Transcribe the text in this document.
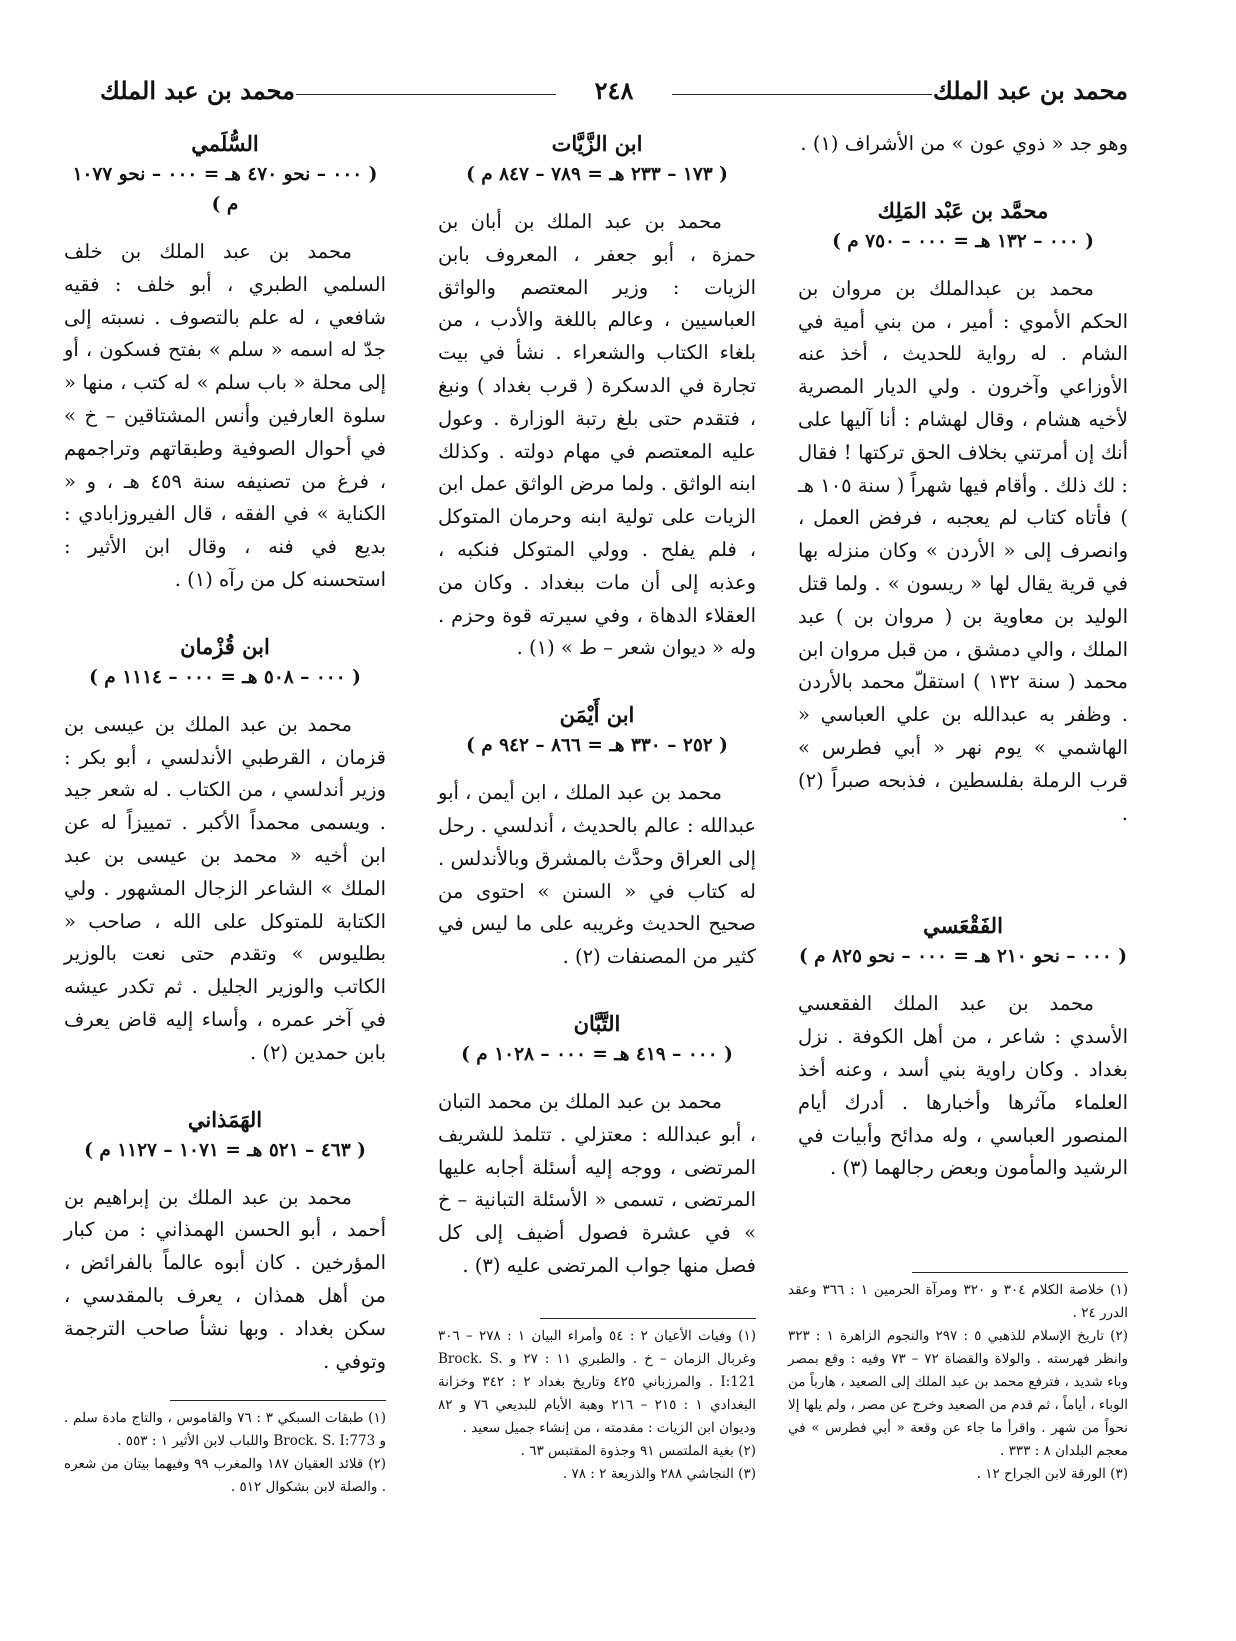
محمد بن عبد الملك
٢٤٨
محمد بن عبد الملك

وهو جد « ذوي عون » من الأشراف (١) .

محمَّد بن عَبْد المَلِك

( ٠٠٠ – ١٣٢ هـ = ٠٠٠ – ٧٥٠ م )

محمد بن عبدالملك بن مروان بن الحكم الأموي : أمير ، من بني أمية في الشام . له رواية للحديث ، أخذ عنه الأوزاعي وآخرون . ولي الديار المصرية لأخيه هشام ، وقال لهشام : أنا آليها على أنك إن أمرتني بخلاف الحق تركتها ! فقال : لك ذلك . وأقام فيها شهراً ( سنة ١٠٥ هـ ) فأتاه كتاب لم يعجبه ، فرفض العمل ، وانصرف إلى « الأردن » وكان منزله بها في قرية يقال لها « ريسون » . ولما قتل الوليد بن معاوية بن ( مروان بن ) عبد الملك ، والي دمشق ، من قبل مروان ابن محمد ( سنة ١٣٢ ) استقلّ محمد بالأردن . وظفر به عبدالله بن علي العباسي « الهاشمي » يوم نهر « أبي فطرس » قرب الرملة بفلسطين ، فذبحه صبراً (٢) .

الفَقْعَسي

( ٠٠٠ – نحو ٢١٠ هـ = ٠٠٠ – نحو ٨٢٥ م )

محمد بن عبد الملك الفقعسي الأسدي : شاعر ، من أهل الكوفة . نزل بغداد . وكان راوية بني أسد ، وعنه أخذ العلماء مآثرها وأخبارها . أدرك أيام المنصور العباسي ، وله مدائح وأبيات في الرشيد والمأمون وبعض رجالهما (٣) .

ابن الزَّيَّات

( ١٧٣ – ٢٣٣ هـ = ٧٨٩ – ٨٤٧ م )

محمد بن عبد الملك بن أبان بن حمزة ، أبو جعفر ، المعروف بابن الزيات : وزير المعتصم والواثق العباسيين ، وعالم باللغة والأدب ، من بلغاء الكتاب والشعراء . نشأ في بيت تجارة في الدسكرة ( قرب بغداد ) ونبغ ، فتقدم حتى بلغ رتبة الوزارة . وعول عليه المعتصم في مهام دولته . وكذلك ابنه الواثق . ولما مرض الواثق عمل ابن الزيات على تولية ابنه وحرمان المتوكل ، فلم يفلح . وولي المتوكل فنكبه ، وعذبه إلى أن مات ببغداد . وكان من العقلاء الدهاة ، وفي سيرته قوة وحزم . وله « ديوان شعر – ط » (١) .

ابن أَيْمَن

( ٢٥٢ – ٣٣٠ هـ = ٨٦٦ – ٩٤٢ م )

محمد بن عبد الملك ، ابن أيمن ، أبو عبدالله : عالم بالحديث ، أندلسي . رحل إلى العراق وحدَّث بالمشرق وبالأندلس . له كتاب في « السنن » احتوى من صحيح الحديث وغريبه على ما ليس في كثير من المصنفات (٢) .

التَّبَّان

( ٠٠٠ – ٤١٩ هـ = ٠٠٠ – ١٠٢٨ م )

محمد بن عبد الملك بن محمد التبان ، أبو عبدالله : معتزلي . تتلمذ للشريف المرتضى ، ووجه إليه أسئلة أجابه عليها المرتضى ، تسمى « الأسئلة التبانية – خ » في عشرة فصول أضيف إلى كل فصل منها جواب المرتضى عليه (٣) .

السُّلَمي

( ٠٠٠ – نحو ٤٧٠ هـ = ٠٠٠ – نحو ١٠٧٧ م )

محمد بن عبد الملك بن خلف السلمي الطبري ، أبو خلف : فقيه شافعي ، له علم بالتصوف . نسبته إلى جدّ له اسمه « سلم » بفتح فسكون ، أو إلى محلة « باب سلم » له كتب ، منها « سلوة العارفين وأنس المشتاقين – خ » في أحوال الصوفية وطبقاتهم وتراجمهم ، فرغ من تصنيفه سنة ٤٥٩ هـ ، و « الكناية » في الفقه ، قال الفيروزابادي : بديع في فنه ، وقال ابن الأثير : استحسنه كل من رآه (١) .

ابن قُزْمان

( ٠٠٠ – ٥٠٨ هـ = ٠٠٠ – ١١١٤ م )

محمد بن عبد الملك بن عيسى بن قزمان ، القرطبي الأندلسي ، أبو بكر : وزير أندلسي ، من الكتاب . له شعر جيد . ويسمى محمداً الأكبر . تمييزاً له عن ابن أخيه « محمد بن عيسى بن عبد الملك » الشاعر الزجال المشهور . ولي الكتابة للمتوكل على الله ، صاحب « بطليوس » وتقدم حتى نعت بالوزير الكاتب والوزير الجليل . ثم تكدر عيشه في آخر عمره ، وأساء إليه قاض يعرف بابن حمدين (٢) .

الهَمَذاني

( ٤٦٣ – ٥٢١ هـ = ١٠٧١ – ١١٢٧ م )

محمد بن عبد الملك بن إبراهيم بن أحمد ، أبو الحسن الهمذاني : من كبار المؤرخين . كان أبوه عالماً بالفرائض ، من أهل همذان ، يعرف بالمقدسي ، سكن بغداد . وبها نشأ صاحب الترجمة وتوفي .

(١) خلاصة الكلام ٣٠٤ و ٣٢٠ ومرآة الحرمين ١ : ٣٦٦ وعقد الدرر ٢٤ .

(٢) تاريخ الإسلام للذهبي ٥ : ٢٩٧ والنجوم الزاهرة ١ : ٣٢٣ وانظر فهرسته . والولاة والقضاة ٧٢ – ٧٣ وفيه : وقع بمصر وباء شديد ، فترفع محمد بن عبد الملك إلى الصعيد ، هارباً من الوباء ، أياماً ، ثم قدم من الصعيد وخرج عن مصر ، ولم يلها إلا نحواً من شهر . واقرأ ما جاء عن وقعة « أبي فطرس » في معجم البلدان ٨ : ٣٣٣ .

(٣) الورقة لابن الجراح ١٢ .

(١) وفيات الأعيان ٢ : ٥٤ وأمراء البيان ١ : ٢٧٨ – ٣٠٦ وغربال الزمان – خ . والطبري ١١ : ٢٧ و Brock. S. I:121 . والمرزباني ٤٢٥ وتاريخ بغداد ٢ : ٣٤٢ وخزانة البغدادي ١ : ٢١٥ – ٢١٦ وهبة الأيام للبديعي ٧٦ و ٨٢ وديوان ابن الزيات : مقدمته ، من إنشاء جميل سعيد .

(٢) بغية الملتمس ٩١ وجذوة المقتبس ٦٣ .

(٣) النجاشي ٢٨٨ والذريعة ٢ : ٧٨ .

(١) طبقات السبكي ٣ : ٧٦ والقاموس ، والتاج مادة سلم . و Brock. S. I:773 واللباب لابن الأثير ١ : ٥٥٣ .

(٢) قلائد العقيان ١٨٧ والمغرب ٩٩ وفيهما بيتان من شعره . والصلة لابن بشكوال ٥١٢ .
